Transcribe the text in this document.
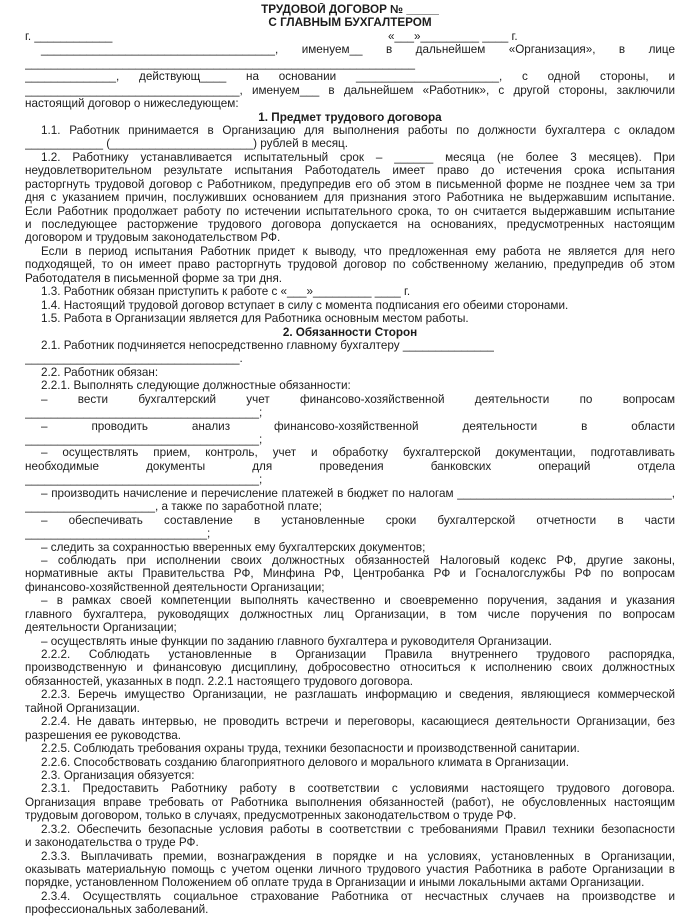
ТРУДОВОЙ ДОГОВОР № _____
С ГЛАВНЫМ БУХГАЛТЕРОМ
г. ____________	«___»_________ ____ г.
____________________________________, именуем__ в дальнейшем «Организация», в лице
____________________________________________________________
______________, действующ____ на основании ______________________, с одной стороны, и
_________________________________, именуем___ в дальнейшем «Работник», с другой стороны, заключили
настоящий договор о нижеследующем:
1. Предмет трудового договора
1.1. Работник принимается в Организацию для выполнения работы по должности бухгалтера с окладом
____________ (______________________) рублей в месяц.
1.2. Работнику устанавливается испытательный срок – ______ месяца (не более 3 месяцев). При
неудовлетворительном результате испытания Работодатель имеет право до истечения срока испытания
расторгнуть трудовой договор с Работником, предупредив его об этом в письменной форме не позднее чем за три
дня с указанием причин, послуживших основанием для признания этого Работника не выдержавшим испытание.
Если Работник продолжает работу по истечении испытательного срока, то он считается выдержавшим испытание
и последующее расторжение трудового договора допускается на основаниях, предусмотренных настоящим
договором и трудовым законодательством РФ.
Если в период испытания Работник придет к выводу, что предложенная ему работа не является для него
подходящей, то он имеет право расторгнуть трудовой договор по собственному желанию, предупредив об этом
Работодателя в письменной форме за три дня.
1.3. Работник обязан приступить к работе с «___»_________ ____ г.
1.4. Настоящий трудовой договор вступает в силу с момента подписания его обеими сторонами.
1.5. Работа в Организации является для Работника основным местом работы.
2. Обязанности Сторон
2.1. Работник подчиняется непосредственно главному бухгалтеру ______________
_________________________________.
2.2. Работник обязан:
2.2.1. Выполнять следующие должностные обязанности:
– вести бухгалтерский учет финансово-хозяйственной деятельности по вопросам
____________________________________;
– проводить анализ финансово-хозяйственной деятельности в области
____________________________________;
– осуществлять прием, контроль, учет и обработку бухгалтерской документации, подготавливать
необходимые документы для проведения банковских операций отдела
____________________________________;
– производить начисление и перечисление платежей в бюджет по налогам _________________________________,
____________________, а также по заработной плате;
– обеспечивать составление в установленные сроки бухгалтерской отчетности в части
____________________________;
– следить за сохранностью вверенных ему бухгалтерских документов;
– соблюдать при исполнении своих должностных обязанностей Налоговый кодекс РФ, другие законы,
нормативные акты Правительства РФ, Минфина РФ, Центробанка РФ и Госналогслужбы РФ по вопросам
финансово-хозяйственной деятельности Организации;
– в рамках своей компетенции выполнять качественно и своевременно поручения, задания и указания
главного бухгалтера, руководящих должностных лиц Организации, в том числе поручения по вопросам
деятельности Организации;
– осуществлять иные функции по заданию главного бухгалтера и руководителя Организации.
2.2.2. Соблюдать установленные в Организации Правила внутреннего трудового распорядка,
производственную и финансовую дисциплину, добросовестно относиться к исполнению своих должностных
обязанностей, указанных в подп. 2.2.1 настоящего трудового договора.
2.2.3. Беречь имущество Организации, не разглашать информацию и сведения, являющиеся коммерческой
тайной Организации.
2.2.4. Не давать интервью, не проводить встречи и переговоры, касающиеся деятельности Организации, без
разрешения ее руководства.
2.2.5. Соблюдать требования охраны труда, техники безопасности и производственной санитарии.
2.2.6. Способствовать созданию благоприятного делового и морального климата в Организации.
2.3. Организация обязуется:
2.3.1. Предоставить Работнику работу в соответствии с условиями настоящего трудового договора.
Организация вправе требовать от Работника выполнения обязанностей (работ), не обусловленных настоящим
трудовым договором, только в случаях, предусмотренных законодательством о труде РФ.
2.3.2. Обеспечить безопасные условия работы в соответствии с требованиями Правил техники безопасности
и законодательства о труде РФ.
2.3.3. Выплачивать премии, вознаграждения в порядке и на условиях, установленных в Организации,
оказывать материальную помощь с учетом оценки личного трудового участия Работника в работе Организации в
порядке, установленном Положением об оплате труда в Организации и иными локальными актами Организации.
2.3.4. Осуществлять социальное страхование Работника от несчастных случаев на производстве и
профессиональных заболеваний.
